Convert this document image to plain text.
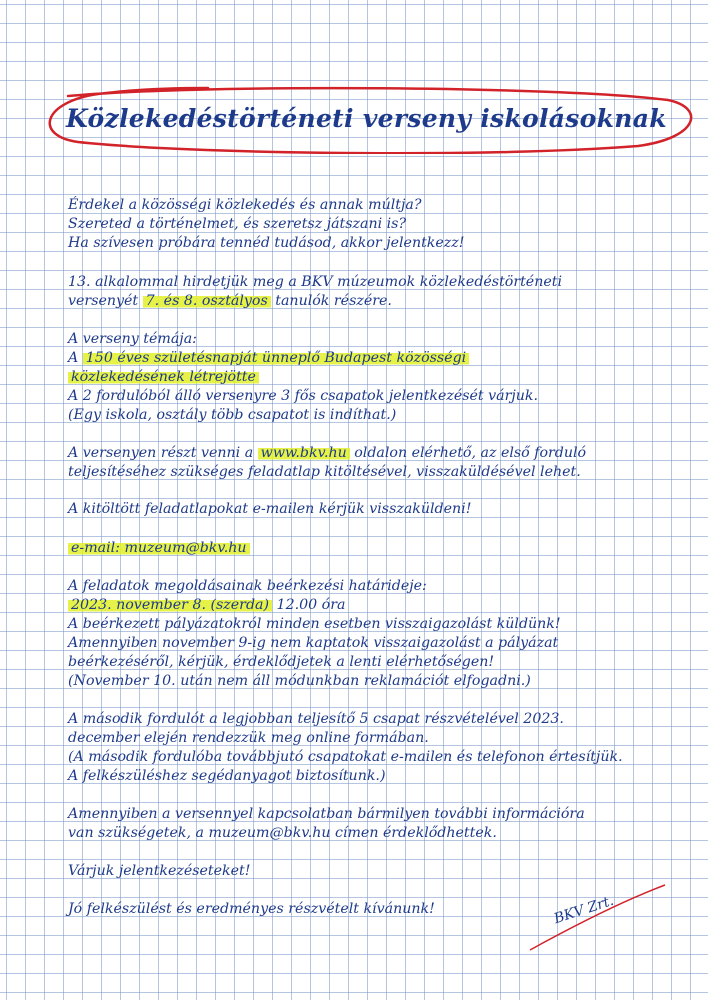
Közlekedéstörténeti verseny iskolásoknak
Érdekel a közösségi közlekedés és annak múltja?
Szereted a történelmet, és szeretsz játszani is?
Ha szívesen próbára tennéd tudásod, akkor jelentkezz!
13. alkalommal hirdetjük meg a BKV múzeumok közlekedéstörténeti
versenyét 7. és 8. osztályos tanulók részére.
A verseny témája:
A 150 éves születésnapját ünneplő Budapest közösségi
közlekedésének létrejötte
A 2 fordulóból álló versenyre 3 fős csapatok jelentkezését várjuk.
(Egy iskola, osztály több csapatot is indíthat.)
A versenyen részt venni a www.bkv.hu oldalon elérhető, az első forduló
teljesítéséhez szükséges feladatlap kitöltésével, visszaküldésével lehet.
A kitöltött feladatlapokat e-mailen kérjük visszaküldeni!
e-mail: muzeum@bkv.hu
A feladatok megoldásainak beérkezési határideje:
2023. november 8. (szerda) 12.00 óra
A beérkezett pályázatokról minden esetben visszaigazolást küldünk!
Amennyiben november 9-ig nem kaptatok visszaigazolást a pályázat
beérkezéséről, kérjük, érdeklődjetek a lenti elérhetőségen!
(November 10. után nem áll módunkban reklamációt elfogadni.)
A második fordulót a legjobban teljesítő 5 csapat részvételével 2023.
december elején rendezzük meg online formában.
(A második fordulóba továbbjutó csapatokat e-mailen és telefonon értesítjük.
A felkészüléshez segédanyagot biztosítunk.)
Amennyiben a versennyel kapcsolatban bármilyen további információra
van szükségetek, a muzeum@bkv.hu címen érdeklődhettek.
Várjuk jelentkezéseteket!
Jó felkészülést és eredményes részvételt kívánunk!	BKV Zrt.
